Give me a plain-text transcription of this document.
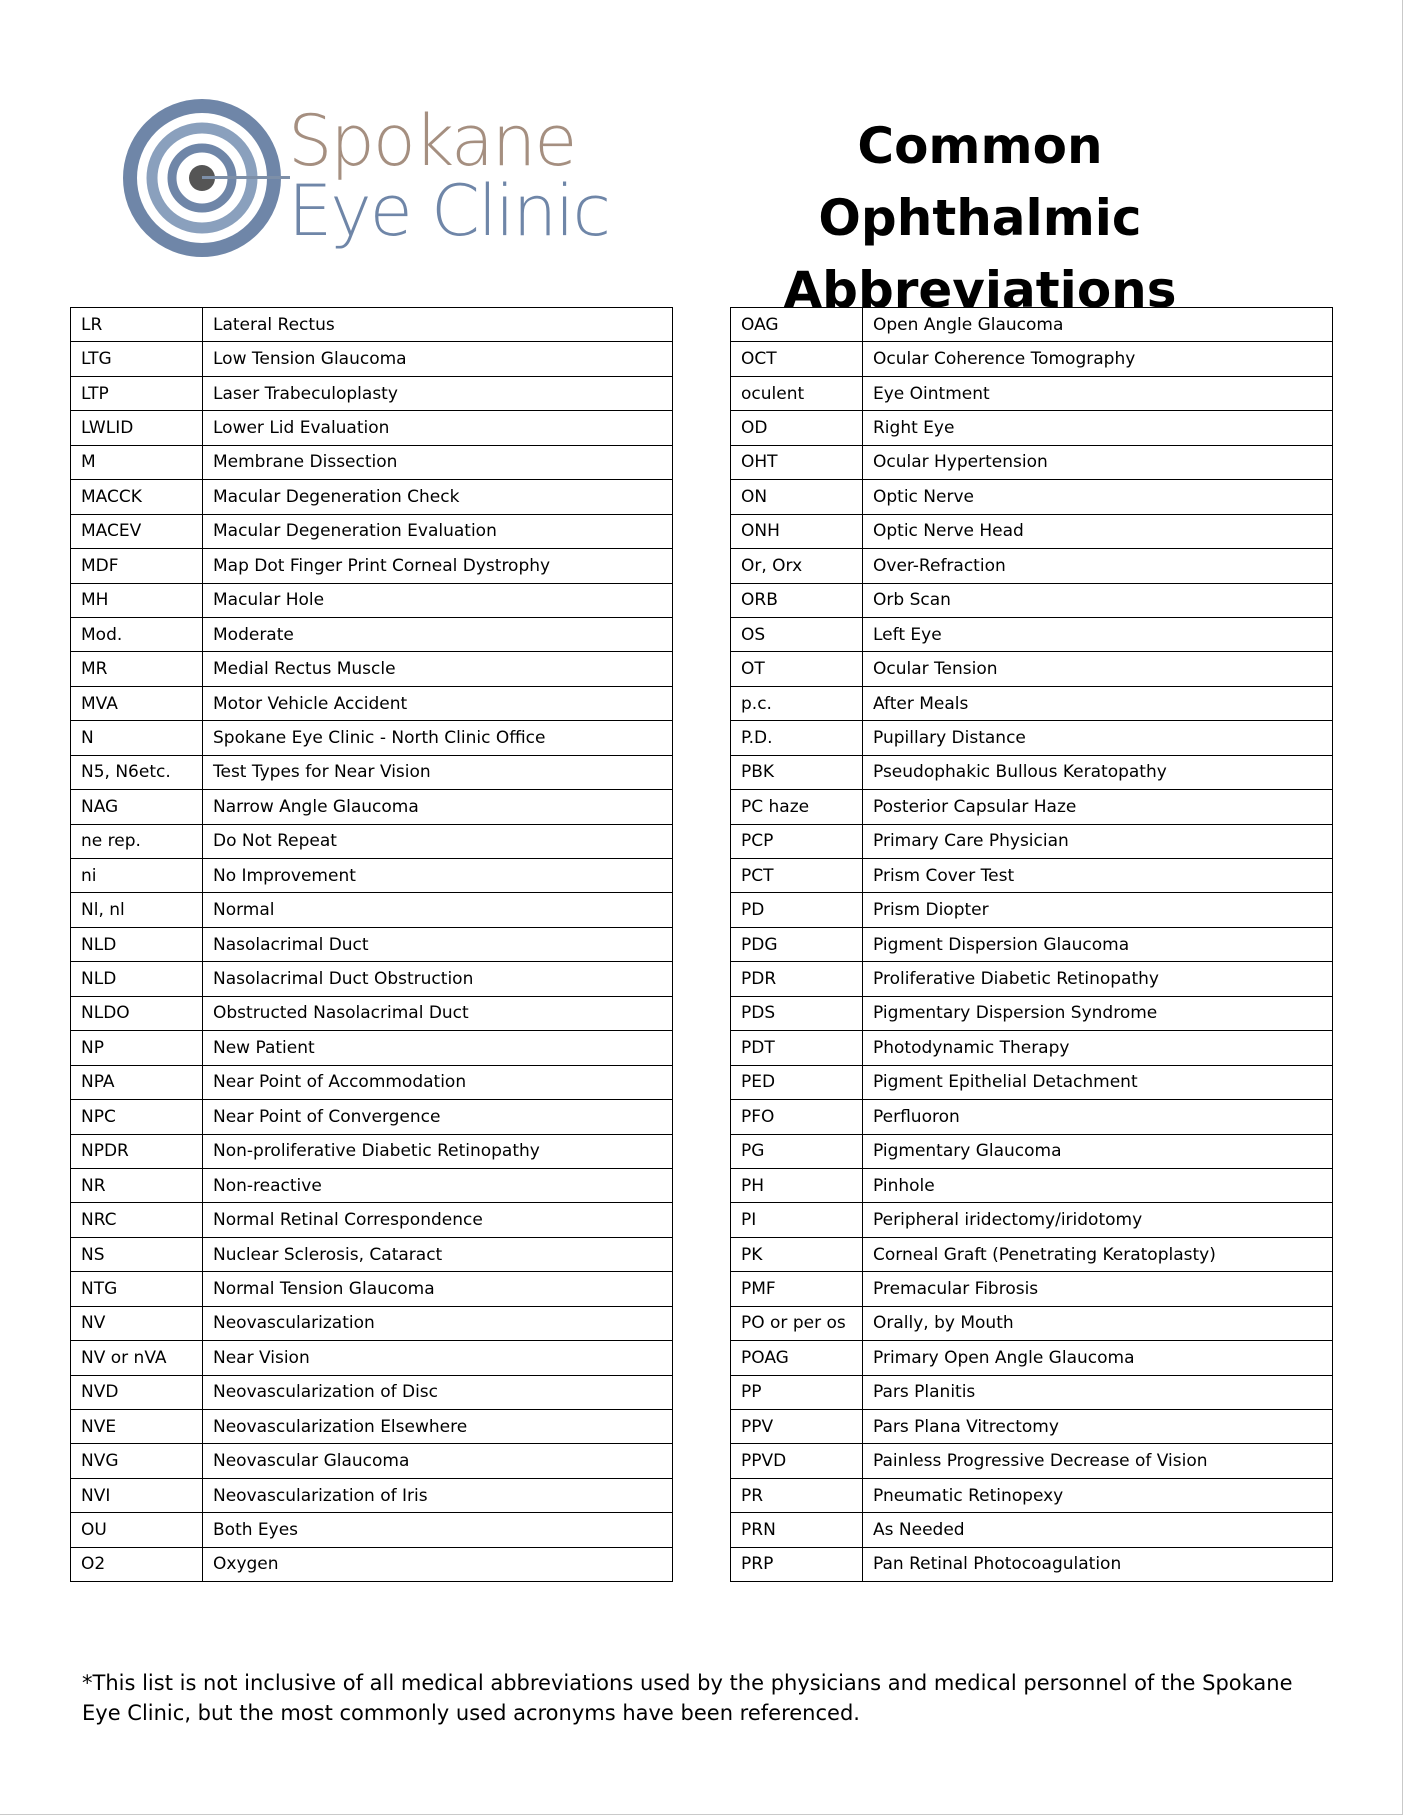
Spokane
Eye Clinic
Common Ophthalmic
Abbreviations
LR	Lateral Rectus
LTG	Low Tension Glaucoma
LTP	Laser Trabeculoplasty
LWLID	Lower Lid Evaluation
M	Membrane Dissection
MACCK	Macular Degeneration Check
MACEV	Macular Degeneration Evaluation
MDF	Map Dot Finger Print Corneal Dystrophy
MH	Macular Hole
Mod.	Moderate
MR	Medial Rectus Muscle
MVA	Motor Vehicle Accident
N	Spokane Eye Clinic - North Clinic Office
N5, N6etc.	Test Types for Near Vision
NAG	Narrow Angle Glaucoma
ne rep.	Do Not Repeat
ni	No Improvement
Nl, nl	Normal
NLD	Nasolacrimal Duct
NLD	Nasolacrimal Duct Obstruction
NLDO	Obstructed Nasolacrimal Duct
NP	New Patient
NPA	Near Point of Accommodation
NPC	Near Point of Convergence
NPDR	Non-proliferative Diabetic Retinopathy
NR	Non-reactive
NRC	Normal Retinal Correspondence
NS	Nuclear Sclerosis, Cataract
NTG	Normal Tension Glaucoma
NV	Neovascularization
NV or nVA	Near Vision
NVD	Neovascularization of Disc
NVE	Neovascularization Elsewhere
NVG	Neovascular Glaucoma
NVI	Neovascularization of Iris
OU	Both Eyes
O2	Oxygen
OAG	Open Angle Glaucoma
OCT	Ocular Coherence Tomography
oculent	Eye Ointment
OD	Right Eye
OHT	Ocular Hypertension
ON	Optic Nerve
ONH	Optic Nerve Head
Or, Orx	Over-Refraction
ORB	Orb Scan
OS	Left Eye
OT	Ocular Tension
p.c.	After Meals
P.D.	Pupillary Distance
PBK	Pseudophakic Bullous Keratopathy
PC haze	Posterior Capsular Haze
PCP	Primary Care Physician
PCT	Prism Cover Test
PD	Prism Diopter
PDG	Pigment Dispersion Glaucoma
PDR	Proliferative Diabetic Retinopathy
PDS	Pigmentary Dispersion Syndrome
PDT	Photodynamic Therapy
PED	Pigment Epithelial Detachment
PFO	Perfluoron
PG	Pigmentary Glaucoma
PH	Pinhole
PI	Peripheral iridectomy/iridotomy
PK	Corneal Graft (Penetrating Keratoplasty)
PMF	Premacular Fibrosis
PO or per os	Orally, by Mouth
POAG	Primary Open Angle Glaucoma
PP	Pars Planitis
PPV	Pars Plana Vitrectomy
PPVD	Painless Progressive Decrease of Vision
PR	Pneumatic Retinopexy
PRN	As Needed
PRP	Pan Retinal Photocoagulation
*This list is not inclusive of all medical abbreviations used by the physicians and medical personnel of the Spokane Eye Clinic, but the most commonly used acronyms have been referenced.
